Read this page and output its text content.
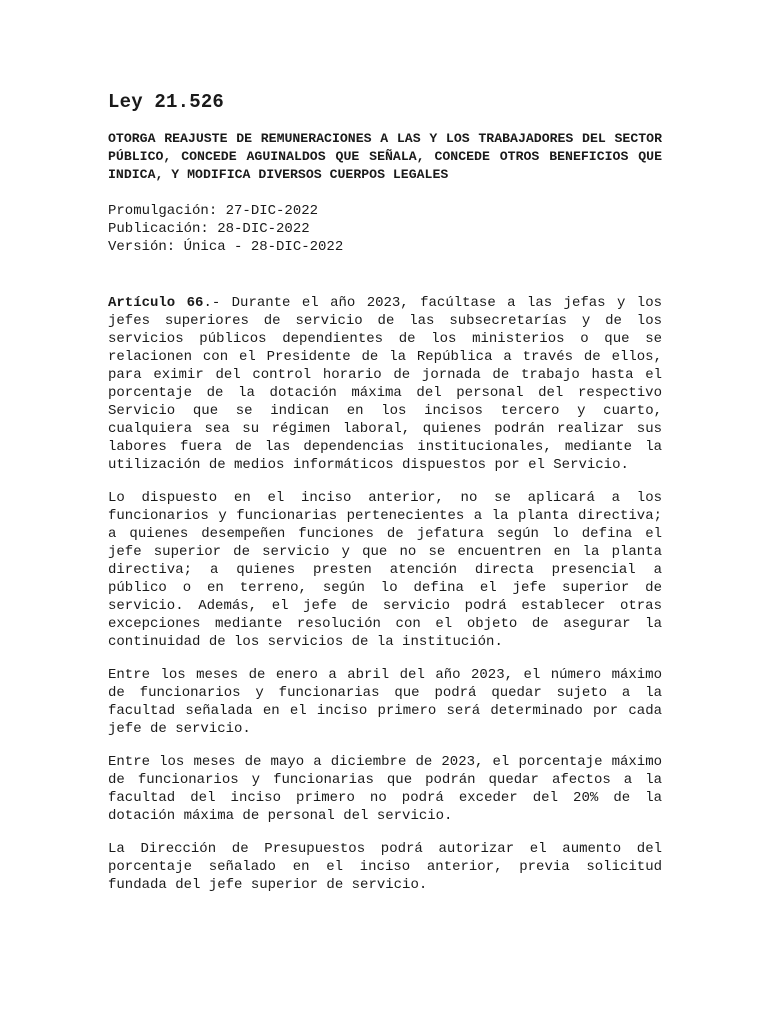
Ley 21.526

OTORGA REAJUSTE DE REMUNERACIONES A LAS Y LOS TRABAJADORES DEL SECTOR PÚBLICO, CONCEDE AGUINALDOS QUE SEÑALA, CONCEDE OTROS BENEFICIOS QUE INDICA, Y MODIFICA DIVERSOS CUERPOS LEGALES

Promulgación: 27-DIC-2022
Publicación: 28-DIC-2022
Versión: Única - 28-DIC-2022

Artículo 66.- Durante el año 2023, facúltase a las jefas y los jefes superiores de servicio de las subsecretarías y de los servicios públicos dependientes de los ministerios o que se relacionen con el Presidente de la República a través de ellos, para eximir del control horario de jornada de trabajo hasta el porcentaje de la dotación máxima del personal del respectivo Servicio que se indican en los incisos tercero y cuarto, cualquiera sea su régimen laboral, quienes podrán realizar sus labores fuera de las dependencias institucionales, mediante la utilización de medios informáticos dispuestos por el Servicio.

Lo dispuesto en el inciso anterior, no se aplicará a los funcionarios y funcionarias pertenecientes a la planta directiva; a quienes desempeñen funciones de jefatura según lo defina el jefe superior de servicio y que no se encuentren en la planta directiva; a quienes presten atención directa presencial a público o en terreno, según lo defina el jefe superior de servicio. Además, el jefe de servicio podrá establecer otras excepciones mediante resolución con el objeto de asegurar la continuidad de los servicios de la institución.

Entre los meses de enero a abril del año 2023, el número máximo de funcionarios y funcionarias que podrá quedar sujeto a la facultad señalada en el inciso primero será determinado por cada jefe de servicio.

Entre los meses de mayo a diciembre de 2023, el porcentaje máximo de funcionarios y funcionarias que podrán quedar afectos a la facultad del inciso primero no podrá exceder del 20% de la dotación máxima de personal del servicio.

La Dirección de Presupuestos podrá autorizar el aumento del porcentaje señalado en el inciso anterior, previa solicitud fundada del jefe superior de servicio.
